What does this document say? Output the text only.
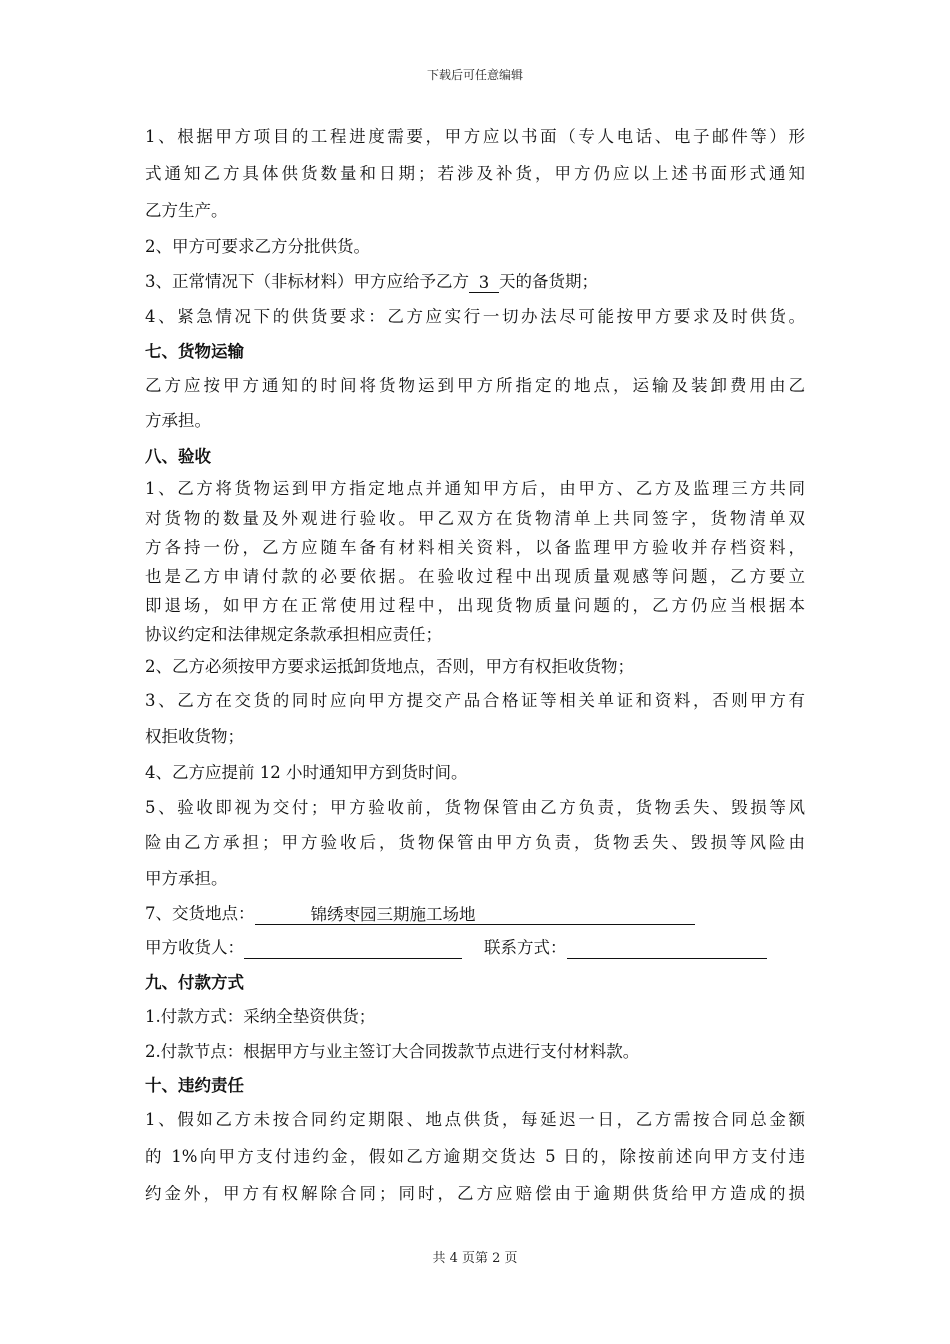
下载后可任意编辑
1、根据甲方项目的工程进度需要，甲方应以书面（专人电话、电子邮件等）形
式通知乙方具体供货数量和日期；若涉及补货，甲方仍应以上述书面形式通知
乙方生产。
2、甲方可要求乙方分批供货。
3、正常情况下（非标材料）甲方应给予乙方 3 天的备货期；
4、紧急情况下的供货要求：乙方应实行一切办法尽可能按甲方要求及时供货。
七、货物运输
乙方应按甲方通知的时间将货物运到甲方所指定的地点，运输及装卸费用由乙
方承担。
八、验收
1、乙方将货物运到甲方指定地点并通知甲方后，由甲方、乙方及监理三方共同
对货物的数量及外观进行验收。甲乙双方在货物清单上共同签字，货物清单双
方各持一份，乙方应随车备有材料相关资料，以备监理甲方验收并存档资料，
也是乙方申请付款的必要依据。在验收过程中出现质量观感等问题，乙方要立
即退场，如甲方在正常使用过程中，出现货物质量问题的，乙方仍应当根据本
协议约定和法律规定条款承担相应责任；
2、乙方必须按甲方要求运抵卸货地点，否则，甲方有权拒收货物；
3、乙方在交货的同时应向甲方提交产品合格证等相关单证和资料，否则甲方有
权拒收货物；
4、乙方应提前 12 小时通知甲方到货时间。
5、验收即视为交付；甲方验收前，货物保管由乙方负责，货物丢失、毁损等风
险由乙方承担；甲方验收后，货物保管由甲方负责，货物丢失、毁损等风险由
甲方承担。
7、交货地点：	锦绣枣园三期施工场地
甲方收货人：	联系方式：
九、付款方式
1.付款方式：采纳全垫资供货；
2.付款节点：根据甲方与业主签订大合同拨款节点进行支付材料款。
十、违约责任
1、假如乙方未按合同约定期限、地点供货，每延迟一日，乙方需按合同总金额
的 1%向甲方支付违约金，假如乙方逾期交货达 5 日的，除按前述向甲方支付违
约金外，甲方有权解除合同；同时，乙方应赔偿由于逾期供货给甲方造成的损
共 4 页第 2 页
